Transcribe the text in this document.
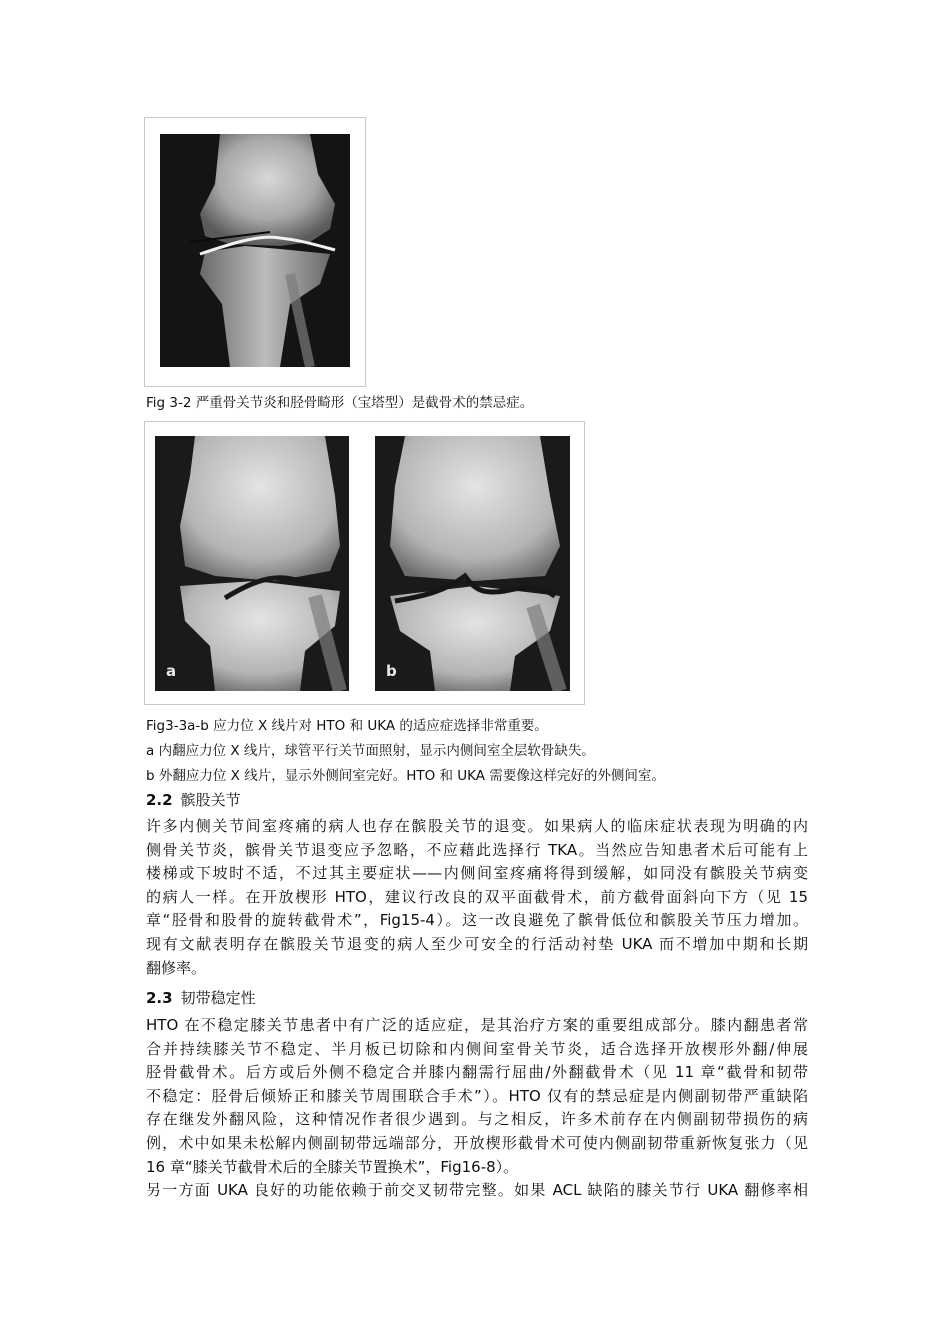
Fig 3-2 严重骨关节炎和胫骨畸形（宝塔型）是截骨术的禁忌症。
a	b
Fig3-3a-b 应力位 X 线片对 HTO 和 UKA 的适应症选择非常重要。
a 内翻应力位 X 线片，球管平行关节面照射，显示内侧间室全层软骨缺失。
b 外翻应力位 X 线片，显示外侧间室完好。HTO 和 UKA 需要像这样完好的外侧间室。
2.2 髌股关节
许多内侧关节间室疼痛的病人也存在髌股关节的退变。如果病人的临床症状表现为明确的内
侧骨关节炎，髌骨关节退变应予忽略，不应藉此选择行 TKA。当然应告知患者术后可能有上
楼梯或下坡时不适，不过其主要症状——内侧间室疼痛将得到缓解，如同没有髌股关节病变
的病人一样。在开放楔形 HTO，建议行改良的双平面截骨术，前方截骨面斜向下方（见 15
章“胫骨和股骨的旋转截骨术”，Fig15-4）。这一改良避免了髌骨低位和髌股关节压力增加。
现有文献表明存在髌股关节退变的病人至少可安全的行活动衬垫 UKA 而不增加中期和长期
翻修率。
2.3 韧带稳定性
HTO 在不稳定膝关节患者中有广泛的适应症，是其治疗方案的重要组成部分。膝内翻患者常
合并持续膝关节不稳定、半月板已切除和内侧间室骨关节炎，适合选择开放楔形外翻/伸展
胫骨截骨术。后方或后外侧不稳定合并膝内翻需行屈曲/外翻截骨术（见 11 章“截骨和韧带
不稳定：胫骨后倾矫正和膝关节周围联合手术”）。HTO 仅有的禁忌症是内侧副韧带严重缺陷
存在继发外翻风险，这种情况作者很少遇到。与之相反，许多术前存在内侧副韧带损伤的病
例，术中如果未松解内侧副韧带远端部分，开放楔形截骨术可使内侧副韧带重新恢复张力（见
16 章“膝关节截骨术后的全膝关节置换术”，Fig16-8）。
另一方面 UKA 良好的功能依赖于前交叉韧带完整。如果 ACL 缺陷的膝关节行 UKA 翻修率相
